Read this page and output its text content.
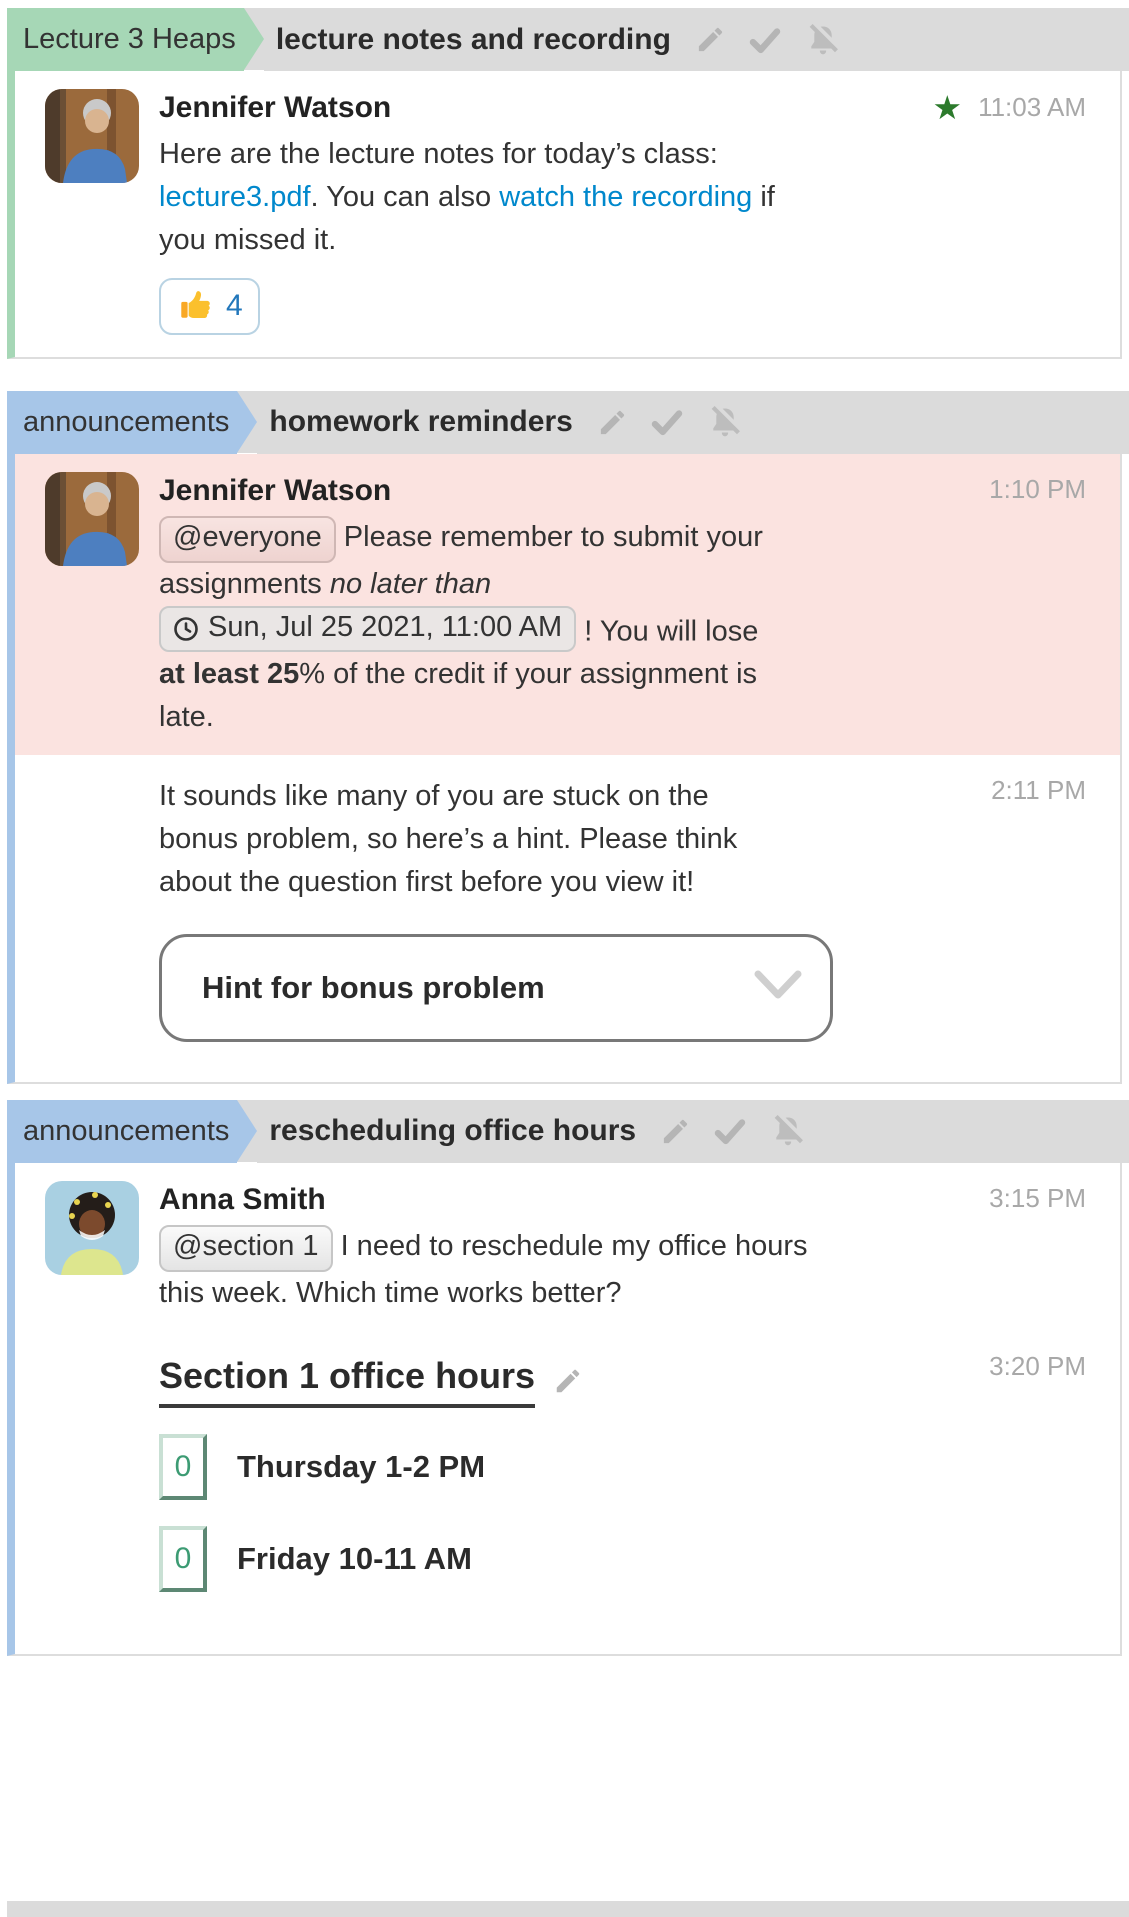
Lecture 3 Heaps lecture notes and recording
★ 11:03 AM
Jennifer Watson

Here are the lecture notes for today’s class: lecture3.pdf. You can also watch the recording if you missed it.

4
announcements homework reminders
1:10 PM
Jennifer Watson

@everyone Please remember to submit your assignments no later than
Sun, Jul 25 2021, 11:00 AM ! You will lose at least 25% of the credit if your assignment is late.

2:11 PM

It sounds like many of you are stuck on the bonus problem, so here’s a hint. Please think about the question first before you view it!

Hint for bonus problem
announcements rescheduling office hours
3:15 PM
Anna Smith

@section 1 I need to reschedule my office hours this week. Which time works better?

3:20 PM
Section 1 office hours
0	Thursday 1-2 PM
0	Friday 10-11 AM
